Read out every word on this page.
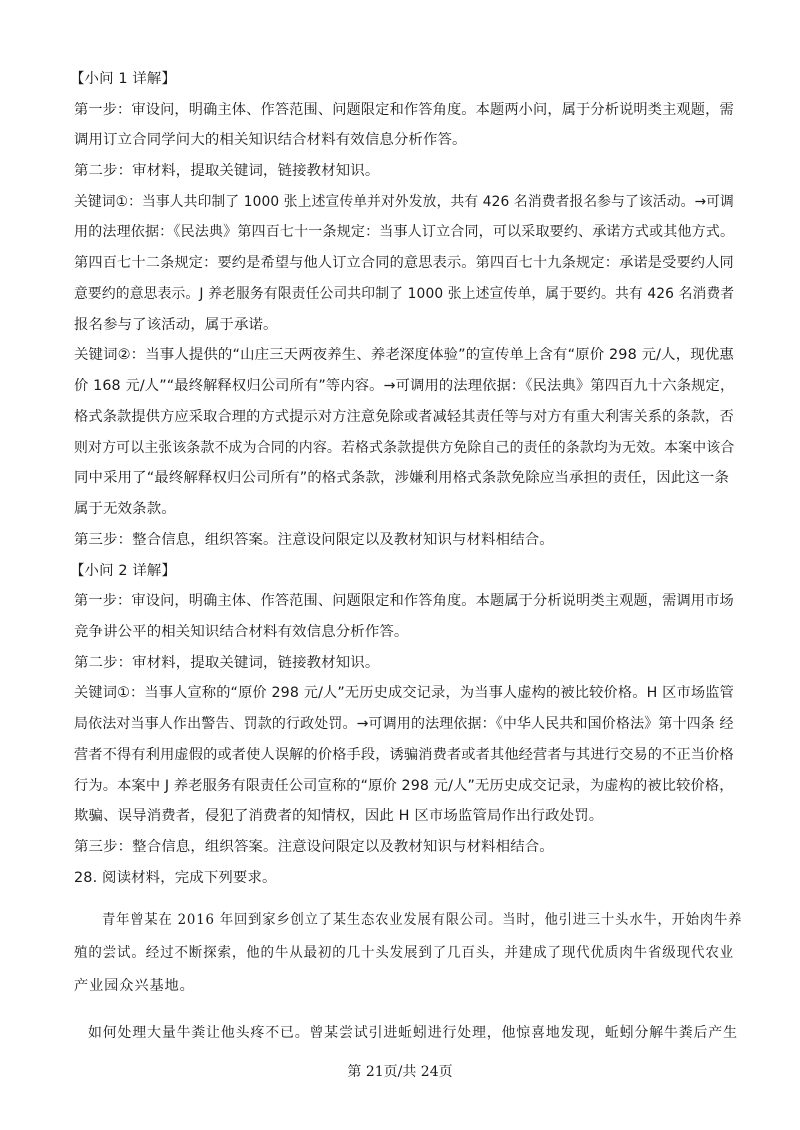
【小问 1 详解】
第一步：审设问，明确主体、作答范围、问题限定和作答角度。本题两小问，属于分析说明类主观题，需
调用订立合同学问大的相关知识结合材料有效信息分析作答。
第二步：审材料，提取关键词，链接教材知识。
关键词①：当事人共印制了 1000 张上述宣传单并对外发放，共有 426 名消费者报名参与了该活动。→可调
用的法理依据：《民法典》第四百七十一条规定：当事人订立合同，可以采取要约、承诺方式或其他方式。
第四百七十二条规定：要约是希望与他人订立合同的意思表示。第四百七十九条规定：承诺是受要约人同
意要约的意思表示。J 养老服务有限责任公司共印制了 1000 张上述宣传单，属于要约。共有 426 名消费者
报名参与了该活动，属于承诺。
关键词②：当事人提供的“山庄三天两夜养生、养老深度体验”的宣传单上含有“原价 298 元/人，现优惠
价 168 元/人”“最终解释权归公司所有”等内容。→可调用的法理依据：《民法典》第四百九十六条规定，
格式条款提供方应采取合理的方式提示对方注意免除或者减轻其责任等与对方有重大利害关系的条款，否
则对方可以主张该条款不成为合同的内容。若格式条款提供方免除自己的责任的条款均为无效。本案中该合
同中采用了“最终解释权归公司所有”的格式条款，涉嫌利用格式条款免除应当承担的责任，因此这一条
属于无效条款。
第三步：整合信息，组织答案。注意设问限定以及教材知识与材料相结合。
【小问 2 详解】
第一步：审设问，明确主体、作答范围、问题限定和作答角度。本题属于分析说明类主观题，需调用市场
竞争讲公平的相关知识结合材料有效信息分析作答。
第二步：审材料，提取关键词，链接教材知识。
关键词①：当事人宣称的“原价 298 元/人”无历史成交记录，为当事人虚构的被比较价格。H 区市场监管
局依法对当事人作出警告、罚款的行政处罚。→可调用的法理依据：《中华人民共和国价格法》第十四条 经
营者不得有利用虚假的或者使人误解的价格手段，诱骗消费者或者其他经营者与其进行交易的不正当价格
行为。本案中 J 养老服务有限责任公司宣称的“原价 298 元/人”无历史成交记录，为虚构的被比较价格，
欺骗、误导消费者，侵犯了消费者的知情权，因此 H 区市场监管局作出行政处罚。
第三步：整合信息，组织答案。注意设问限定以及教材知识与材料相结合。
28. 阅读材料，完成下列要求。
青年曾某在 2016 年回到家乡创立了某生态农业发展有限公司。当时，他引进三十头水牛，开始肉牛养
殖的尝试。经过不断探索，他的牛从最初的几十头发展到了几百头，并建成了现代优质肉牛省级现代农业
产业园众兴基地。
如何处理大量牛粪让他头疼不已。曾某尝试引进蚯蚓进行处理，他惊喜地发现，蚯蚓分解牛粪后产生
第 21页/共 24页
